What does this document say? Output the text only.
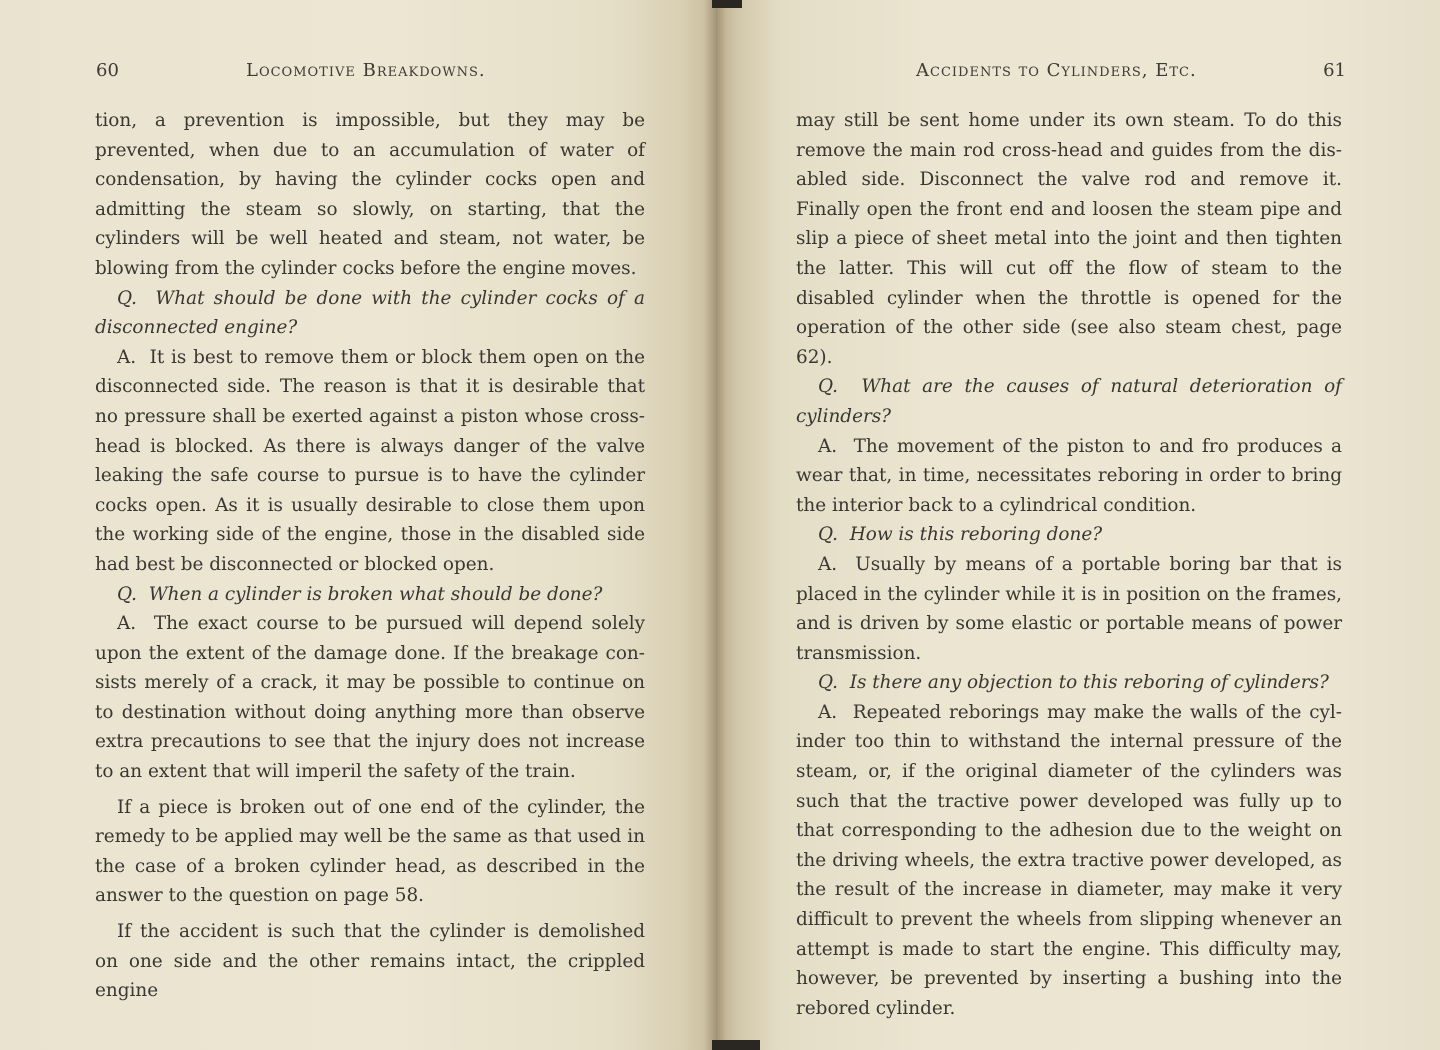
60	Locomotive Breakdowns.

tion, a prevention is impossible, but they may be prevented, when due to an accumulation of water of condensation, by having the cylinder cocks open and admitting the steam so slowly, on starting, that the cylinders will be well heated and steam, not water, be blowing from the cylinder cocks before the engine moves.

Q. What should be done with the cylinder cocks of a disconnected engine?

A. It is best to remove them or block them open on the disconnected side. The reason is that it is desirable that no pressure shall be exerted against a piston whose cross-head is blocked. As there is always danger of the valve leaking the safe course to pursue is to have the cylinder cocks open. As it is usually desirable to close them upon the working side of the engine, those in the disabled side had best be disconnected or blocked open.

Q. When a cylinder is broken what should be done?

A. The exact course to be pursued will depend solely upon the extent of the damage done. If the breakage consists merely of a crack, it may be possible to continue on to destination without doing anything more than observe extra precautions to see that the injury does not increase to an extent that will imperil the safety of the train.

If a piece is broken out of one end of the cylinder, the remedy to be applied may well be the same as that used in the case of a broken cylinder head, as described in the answer to the question on page 58.

If the accident is such that the cylinder is demolished on one side and the other remains intact, the crippled engine

Accidents to Cylinders, Etc.	61

may still be sent home under its own steam. To do this remove the main rod cross-head and guides from the disabled side. Disconnect the valve rod and remove it. Finally open the front end and loosen the steam pipe and slip a piece of sheet metal into the joint and then tighten the latter. This will cut off the flow of steam to the disabled cylinder when the throttle is opened for the operation of the other side (see also steam chest, page 62).

Q. What are the causes of natural deterioration of cylinders?

A. The movement of the piston to and fro produces a wear that, in time, necessitates reboring in order to bring the interior back to a cylindrical condition.

Q. How is this reboring done?

A. Usually by means of a portable boring bar that is placed in the cylinder while it is in position on the frames, and is driven by some elastic or portable means of power transmission.

Q. Is there any objection to this reboring of cylinders?

A. Repeated reborings may make the walls of the cylinder too thin to withstand the internal pressure of the steam, or, if the original diameter of the cylinders was such that the tractive power developed was fully up to that corresponding to the adhesion due to the weight on the driving wheels, the extra tractive power developed, as the result of the increase in diameter, may make it very difficult to prevent the wheels from slipping whenever an attempt is made to start the engine. This difficulty may, however, be prevented by inserting a bushing into the rebored cylinder.
